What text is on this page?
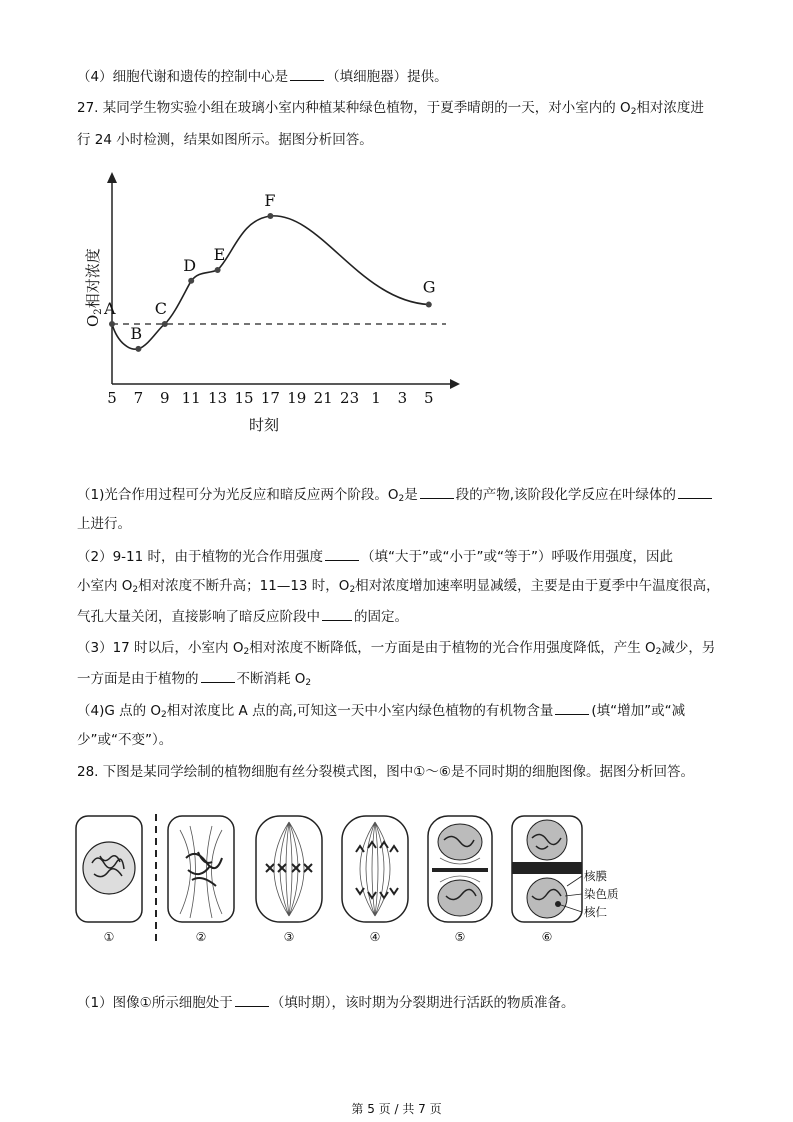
（4）细胞代谢和遗传的控制中心是	（填细胞器）提供。
27. 某同学生物实验小组在玻璃小室内种植某种绿色植物，于夏季晴朗的一天，对小室内的 $O_2$相对浓度进
行 24 小时检测，结果如图所示。据图分析回答。
$O_2$相对浓度
5 7 9 11 13 15 17 19 21 23 1 3 5
时刻
A
B
C
D
E
F
G
（1)光合作用过程可分为光反应和暗反应两个阶段。$O_2$是	段的产物,该阶段化学反应在叶绿体的
上进行。
（2）9-11 时，由于植物的光合作用强度	（填“大于”或“小于”或“等于”）呼吸作用强度，因此
小室内 $O_2$相对浓度不断升高；11—13 时，$O_2$相对浓度增加速率明显减缓，主要是由于夏季中午温度很高，
气孔大量关闭，直接影响了暗反应阶段中	的固定。
（3）17 时以后，小室内 $O_2$相对浓度不断降低，一方面是由于植物的光合作用强度降低，产生 $O_2$减少，另
一方面是由于植物的	不断消耗 $O_2$
（4)G 点的 $O_2$相对浓度比 A 点的高,可知这一天中小室内绿色植物的有机物含量	(填“增加”或“减
少”或“不变”）。
28. 下图是某同学绘制的植物细胞有丝分裂模式图，图中①～⑥是不同时期的细胞图像。据图分析回答。
核膜
染色质
核仁
①	②	③	④	⑤	⑥
（1）图像①所示细胞处于	（填时期），该时期为分裂期进行活跃的物质准备。
第 5 页 / 共 7 页
